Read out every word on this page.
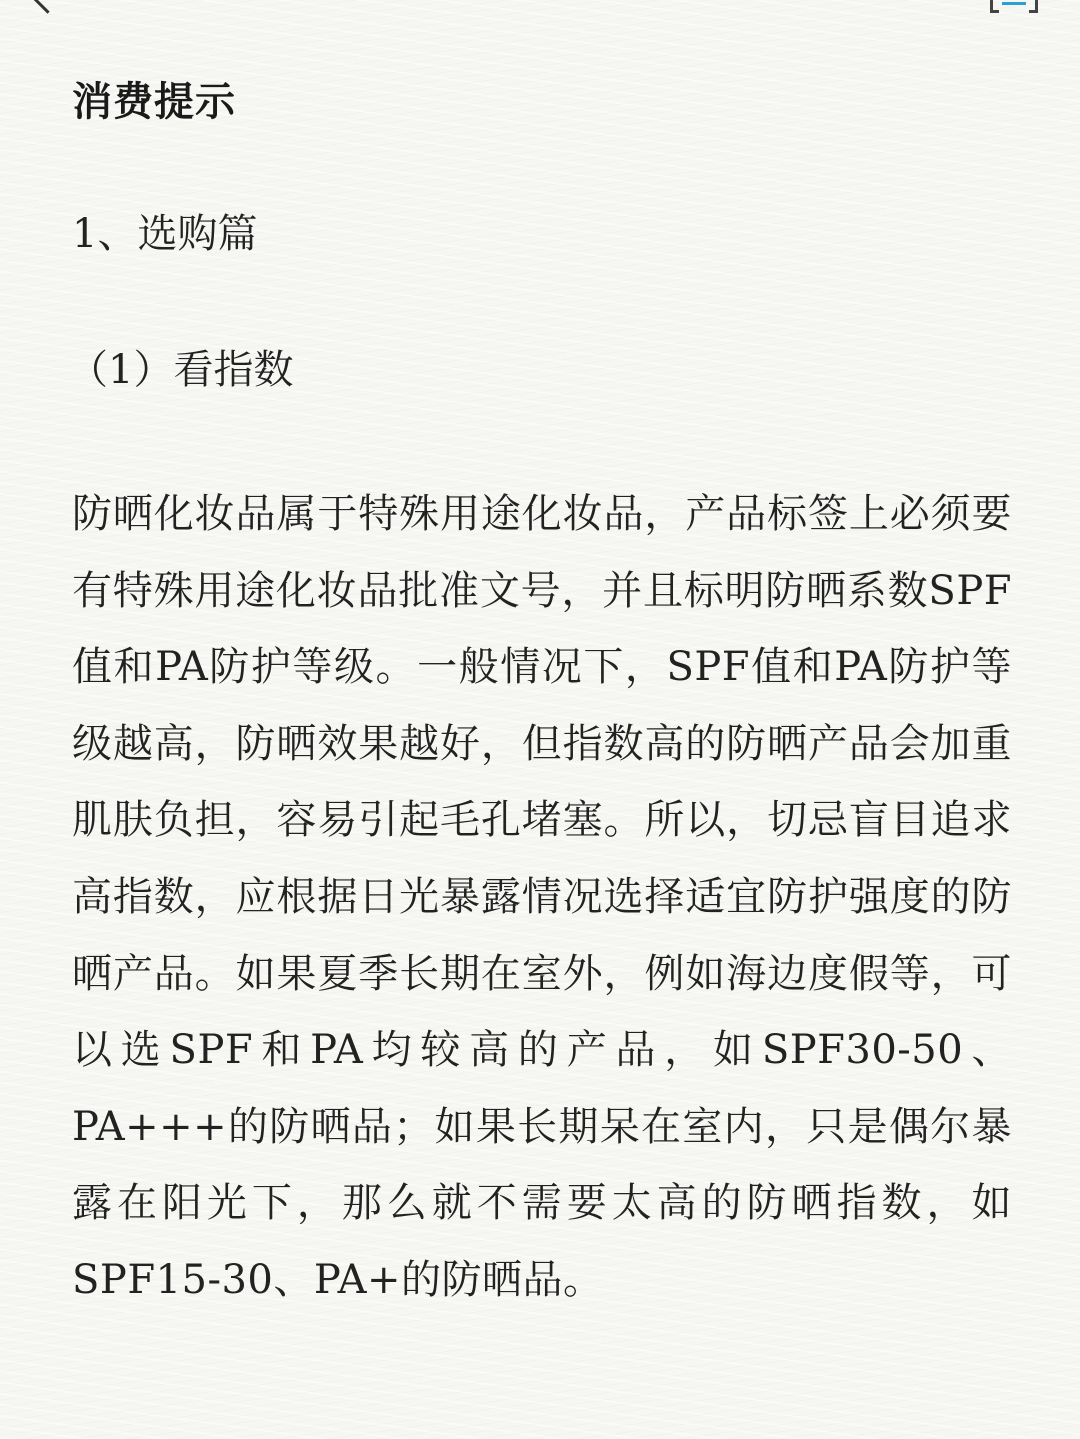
消费提示
1、选购篇
（1）看指数

防晒化妆品属于特殊用途化妆品，产品标签上必须要有特殊用途化妆品批准文号，并且标明防晒系数SPF值和PA防护等级。一般情况下，SPF值和PA防护等级越高，防晒效果越好，但指数高的防晒产品会加重肌肤负担，容易引起毛孔堵塞。所以，切忌盲目追求高指数，应根据日光暴露情况选择适宜防护强度的防晒产品。如果夏季长期在室外，例如海边度假等，可以选SPF和PA均较高的产品，如SPF30-50、PA+++的防晒品；如果长期呆在室内，只是偶尔暴露在阳光下，那么就不需要太高的防晒指数，如SPF15-30、PA+的防晒品。
